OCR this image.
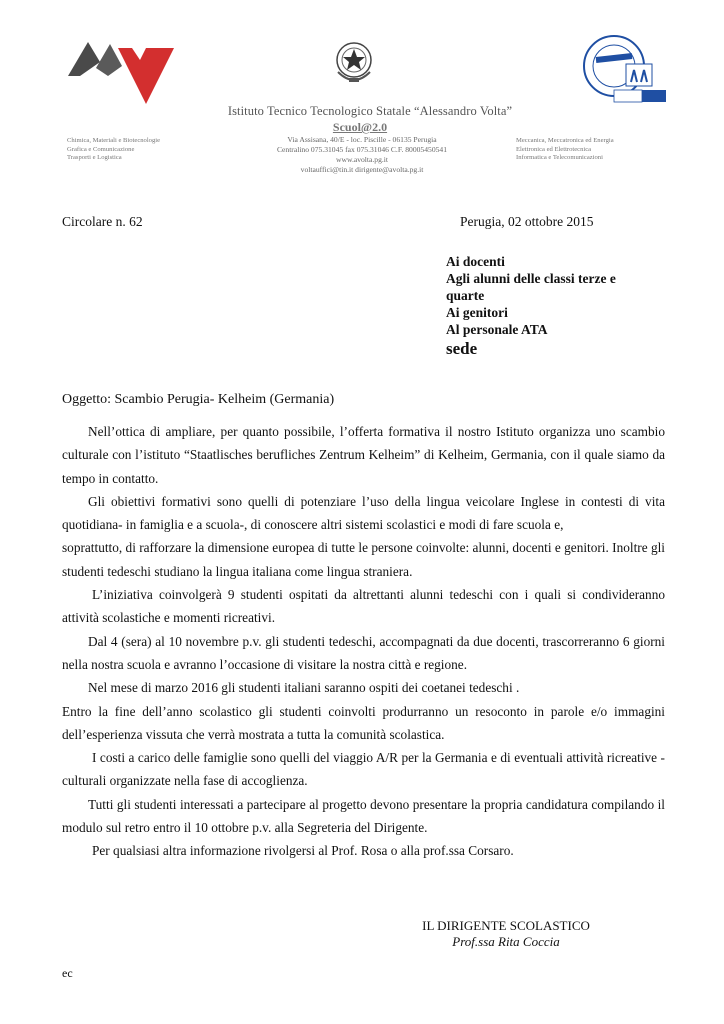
Istituto Tecnico Tecnologico Statale “Alessandro Volta”
Scuol@2.0
Via Assisana, 40/E - loc. Piscille - 06135 Perugia
Centralino 075.31045 fax 075.31046 C.F. 80005450541
www.avolta.pg.it
voltauffici@tin.it dirigente@avolta.pg.it
Chimica, Materiali e Biotecnologie
Grafica e Comunicazione
Trasporti e Logistica
Meccanica, Meccatronica ed Energia
Elettronica ed Elettrotecnica
Informatica e Telecomunicazioni
Circolare n. 62	Perugia, 02 ottobre 2015
Ai docenti
Agli alunni delle classi terze e quarte
Ai genitori
Al personale ATA
sede
Oggetto: Scambio Perugia- Kelheim (Germania)

Nell’ottica di ampliare, per quanto possibile, l’offerta formativa il nostro Istituto organizza uno scambio culturale con l’istituto “Staatlisches berufliches Zentrum Kelheim” di Kelheim, Germania, con il quale siamo da tempo in contatto.

Gli obiettivi formativi sono quelli di potenziare l’uso della lingua veicolare Inglese in contesti di vita quotidiana- in famiglia e a scuola-, di conoscere altri sistemi scolastici e modi di fare scuola e,

soprattutto, di rafforzare la dimensione europea di tutte le persone coinvolte: alunni, docenti e genitori. Inoltre gli studenti tedeschi studiano la lingua italiana come lingua straniera.

L’iniziativa coinvolgerà 9 studenti ospitati da altrettanti alunni tedeschi con i quali si condivideranno attività scolastiche e momenti ricreativi.

Dal 4 (sera) al 10 novembre p.v. gli studenti tedeschi, accompagnati da due docenti, trascorreranno 6 giorni nella nostra scuola e avranno l’occasione di visitare la nostra città e regione.

Nel mese di marzo 2016 gli studenti italiani saranno ospiti dei coetanei tedeschi .

Entro la fine dell’anno scolastico gli studenti coinvolti produrranno un resoconto in parole e/o immagini dell’esperienza vissuta che verrà mostrata a tutta la comunità scolastica.

I costi a carico delle famiglie sono quelli del viaggio A/R per la Germania e di eventuali attività ricreative -culturali organizzate nella fase di accoglienza.

Tutti gli studenti interessati a partecipare al progetto devono presentare la propria candidatura compilando il modulo sul retro entro il 10 ottobre p.v. alla Segreteria del Dirigente.

Per qualsiasi altra informazione rivolgersi al Prof. Rosa o alla prof.ssa Corsaro.

IL DIRIGENTE SCOLASTICO
Prof.ssa Rita Coccia
ec
